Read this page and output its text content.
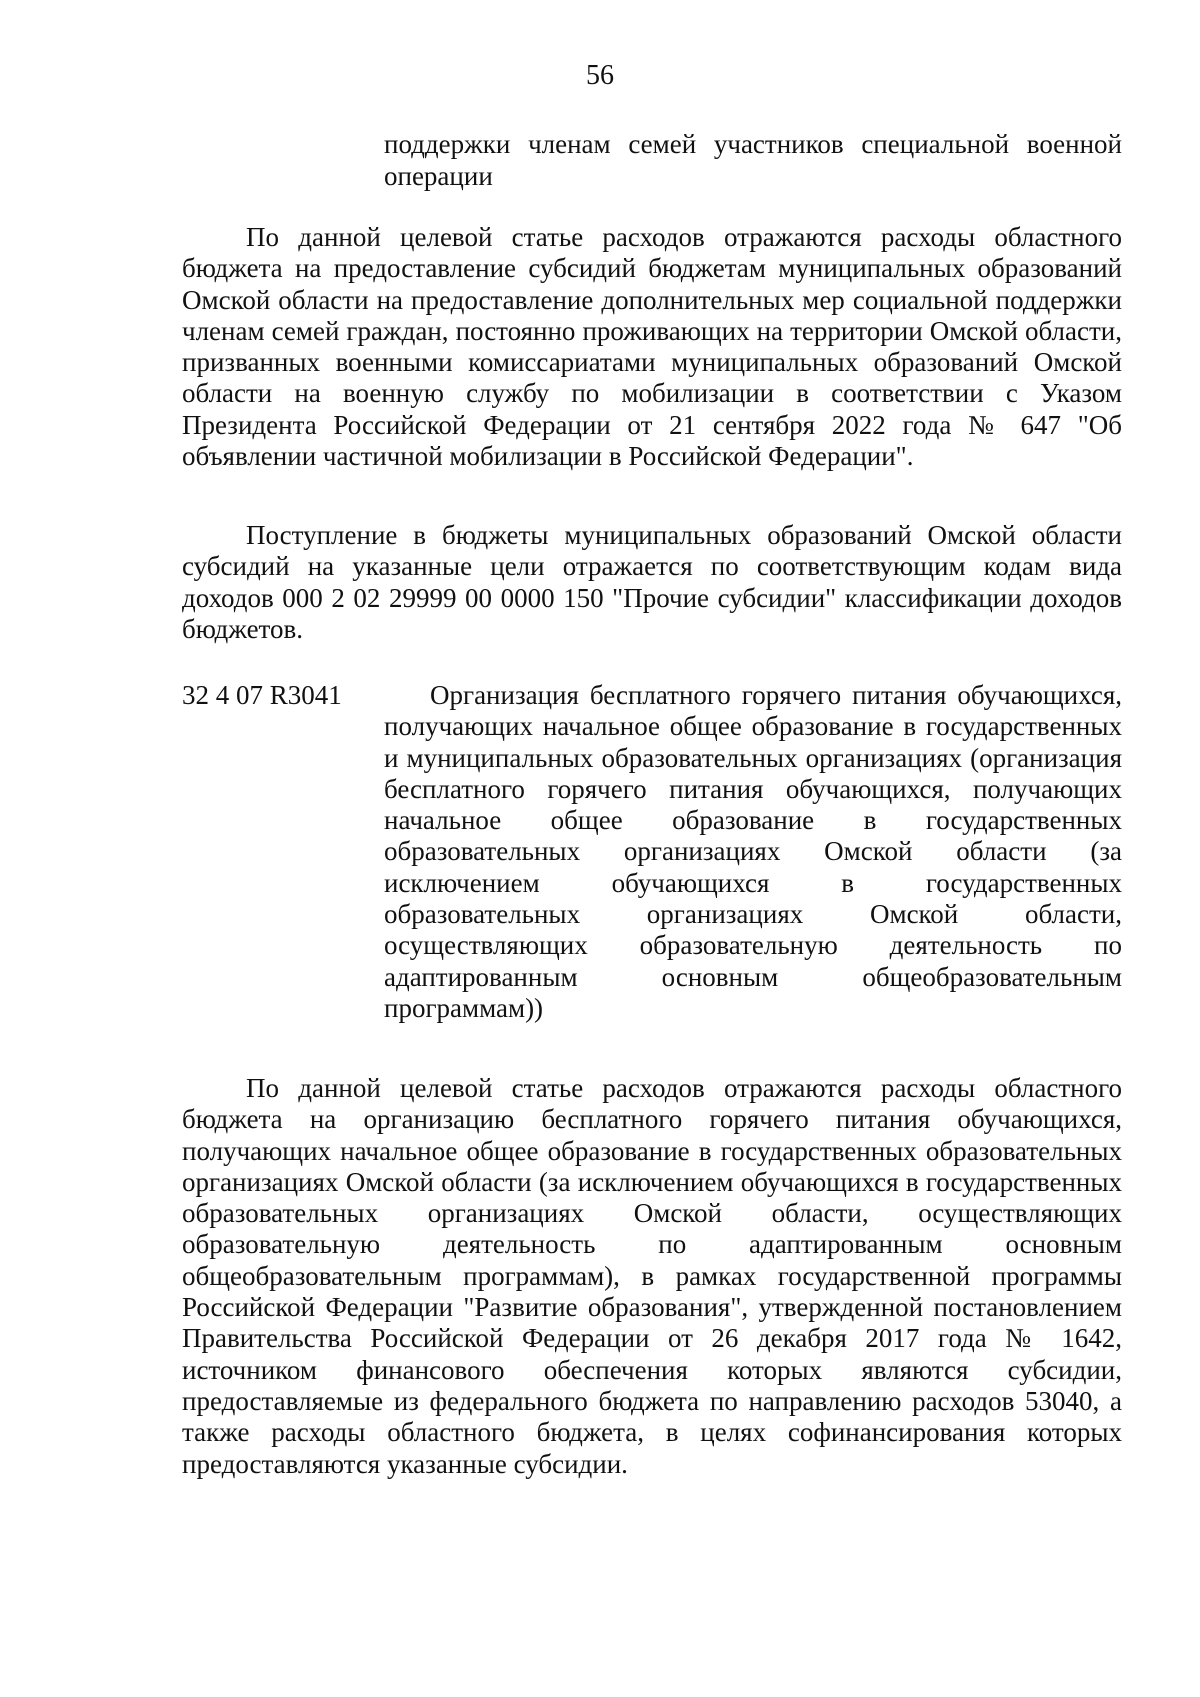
56
поддержки членам семей участников специальной военной операции

По данной целевой статье расходов отражаются расходы областного бюджета на предоставление субсидий бюджетам муниципальных образований Омской области на предоставление дополнительных мер социальной поддержки членам семей граждан, постоянно проживающих на территории Омской области, призванных военными комиссариатами муниципальных образований Омской области на военную службу по мобилизации в соответствии с Указом Президента Российской Федерации от 21 сентября 2022 года № 647 "Об объявлении частичной мобилизации в Российской Федерации".

Поступление в бюджеты муниципальных образований Омской области субсидий на указанные цели отражается по соответствующим кодам вида доходов 000 2 02 29999 00 0000 150 "Прочие субсидии" классификации доходов бюджетов.

32 4 07 R3041	Организация бесплатного горячего питания обучающихся, получающих начальное общее образование в государственных и муниципальных образовательных организациях (организация бесплатного горячего питания обучающихся, получающих начальное общее образование в государственных образовательных организациях Омской области (за исключением обучающихся в государственных образовательных организациях Омской области, осуществляющих образовательную деятельность по адаптированным основным общеобразовательным программам))

По данной целевой статье расходов отражаются расходы областного бюджета на организацию бесплатного горячего питания обучающихся, получающих начальное общее образование в государственных образовательных организациях Омской области (за исключением обучающихся в государственных образовательных организациях Омской области, осуществляющих образовательную деятельность по адаптированным основным общеобразовательным программам), в рамках государственной программы Российской Федерации "Развитие образования", утвержденной постановлением Правительства Российской Федерации от 26 декабря 2017 года № 1642, источником финансового обеспечения которых являются субсидии, предоставляемые из федерального бюджета по направлению расходов 53040, а также расходы областного бюджета, в целях софинансирования которых предоставляются указанные субсидии.
